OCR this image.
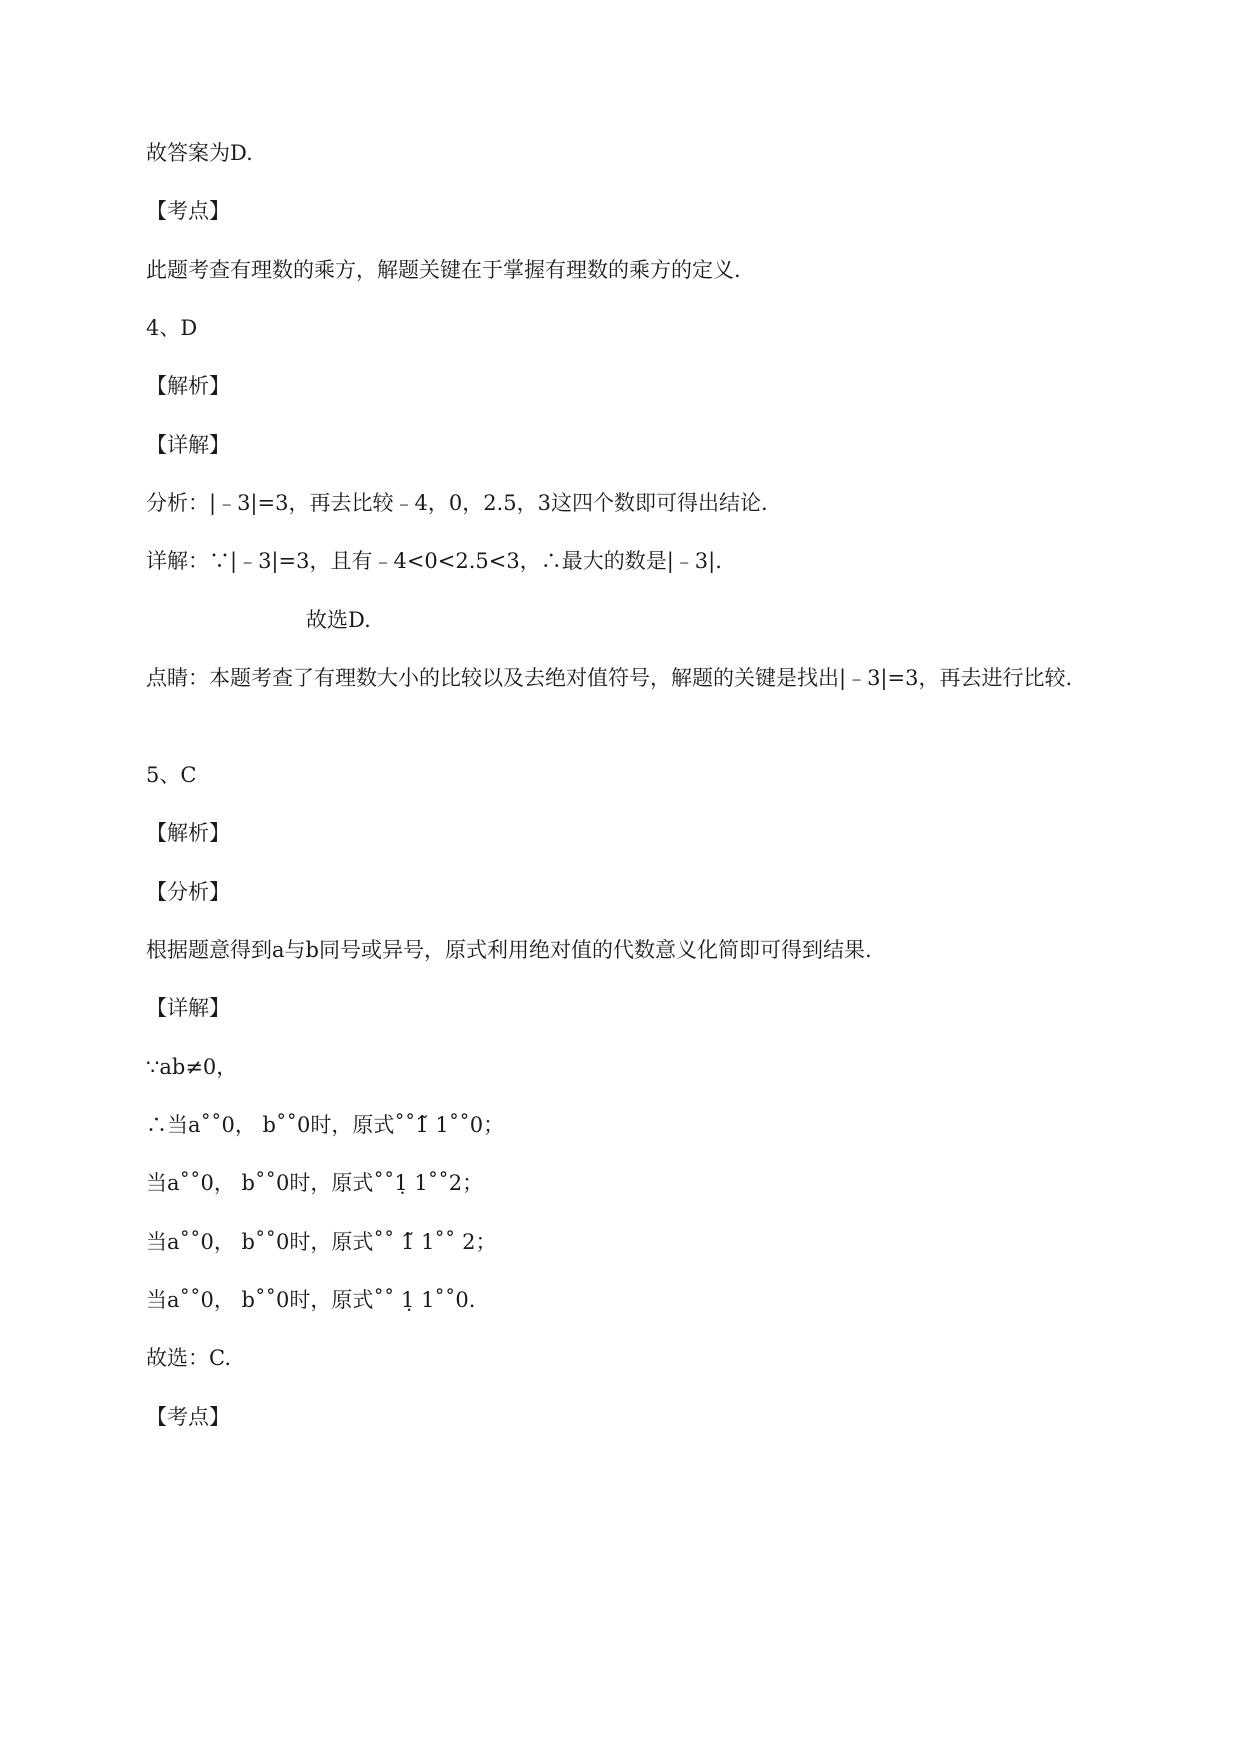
故答案为D.
【考点】
此题考查有理数的乘方，解题关键在于掌握有理数的乘方的定义.
4、D
【解析】
【详解】
分析：|﹣3|=3，再去比较﹣4，0，2.5，3这四个数即可得出结论.
详解：∵|﹣3|=3，且有﹣4<0<2.5<3，∴最大的数是|﹣3|.
故选D.
点睛：本题考查了有理数大小的比较以及去绝对值符号，解题的关键是找出|﹣3|=3，再去进行比较.
5、C
【解析】
【分析】
根据题意得到a与b同号或异号，原式利用绝对值的代数意义化简即可得到结果.
【详解】
∵ab≠0，
∴当a˚˚0， b˚˚0时，原式˚˚1̃ 1˚˚0；
当a˚˚0， b˚˚0时，原式˚˚1̣ 1˚˚2；
当a˚˚0， b˚˚0时，原式˚˚ 1̃ 1˚˚ 2；
当a˚˚0， b˚˚0时，原式˚˚ 1̣ 1˚˚0.
故选：C.
【考点】
